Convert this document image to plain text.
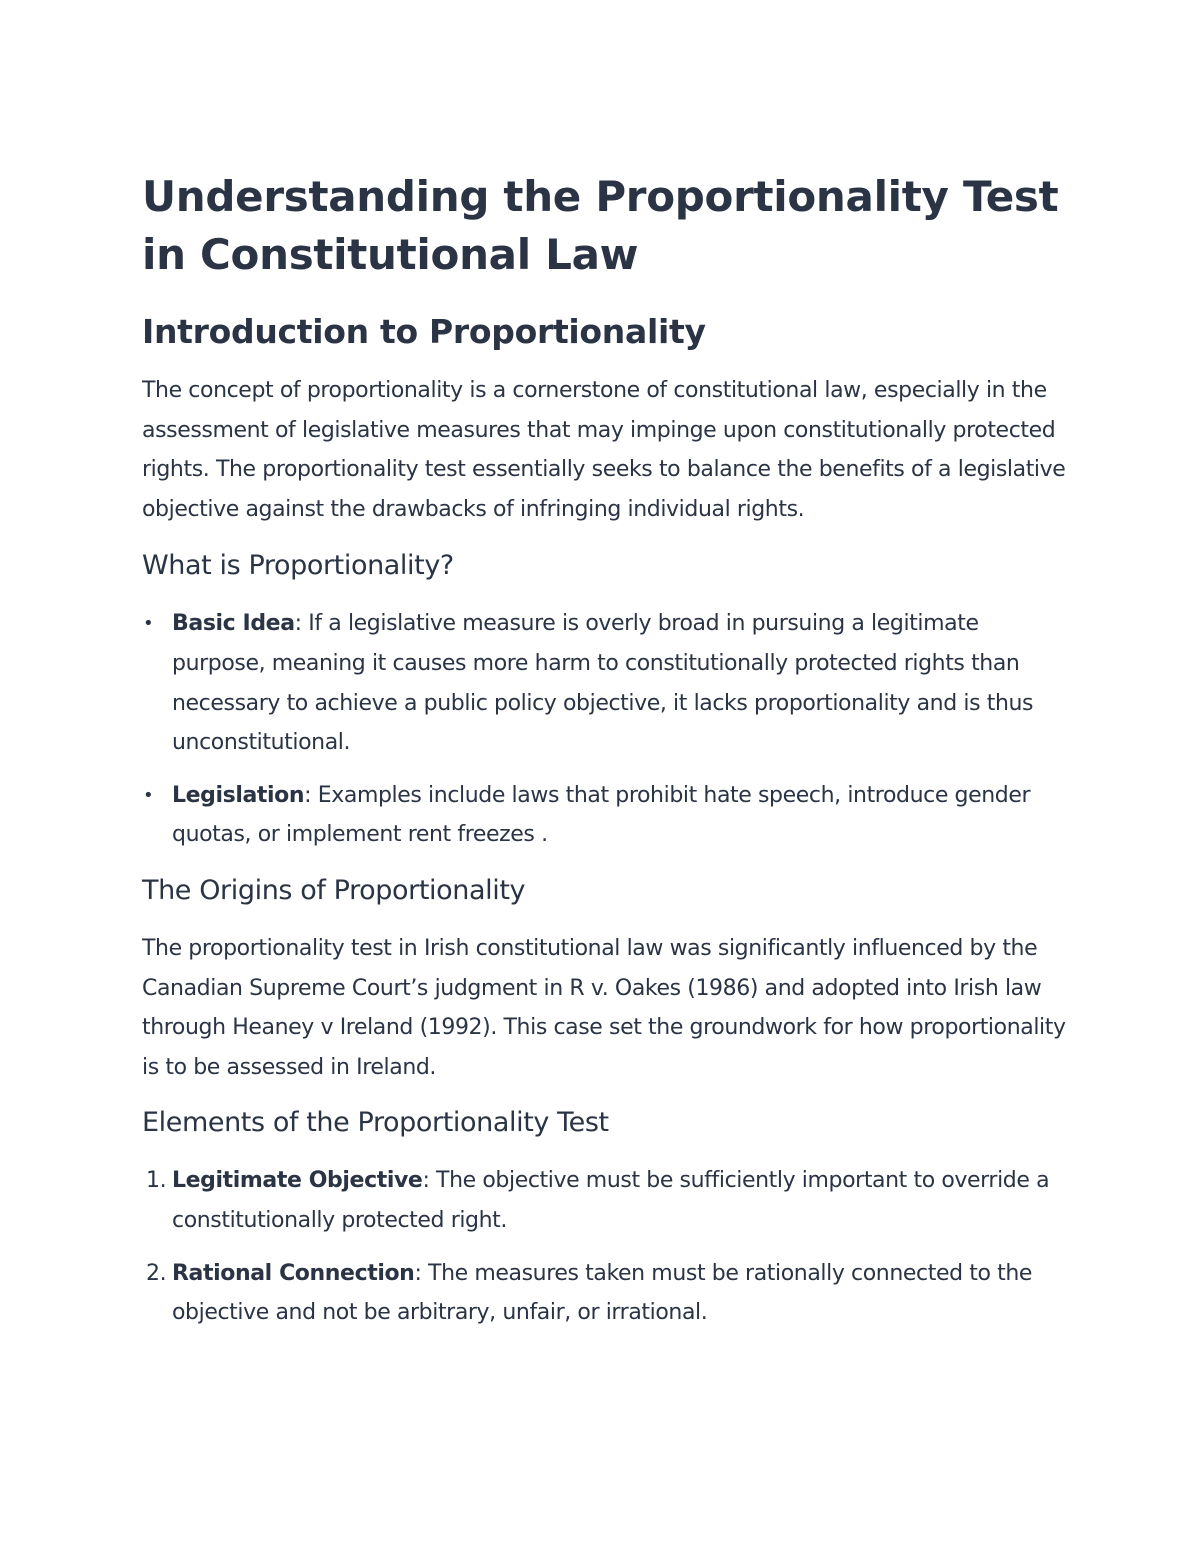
Understanding the Proportionality Test in Constitutional Law
Introduction to Proportionality

The concept of proportionality is a cornerstone of constitutional law, especially in the assessment of legislative measures that may impinge upon constitutionally protected rights. The proportionality test essentially seeks to balance the benefits of a legislative objective against the drawbacks of infringing individual rights.

What is Proportionality?
• Basic Idea: If a legislative measure is overly broad in pursuing a legitimate purpose, meaning it causes more harm to constitutionally protected rights than necessary to achieve a public policy objective, it lacks proportionality and is thus unconstitutional.
• Legislation: Examples include laws that prohibit hate speech, introduce gender quotas, or implement rent freezes .
The Origins of Proportionality

The proportionality test in Irish constitutional law was significantly influenced by the Canadian Supreme Court’s judgment in R v. Oakes (1986) and adopted into Irish law through Heaney v Ireland (1992). This case set the groundwork for how proportionality is to be assessed in Ireland.

Elements of the Proportionality Test
1. Legitimate Objective: The objective must be sufficiently important to override a constitutionally protected right.
2. Rational Connection: The measures taken must be rationally connected to the objective and not be arbitrary, unfair, or irrational.
